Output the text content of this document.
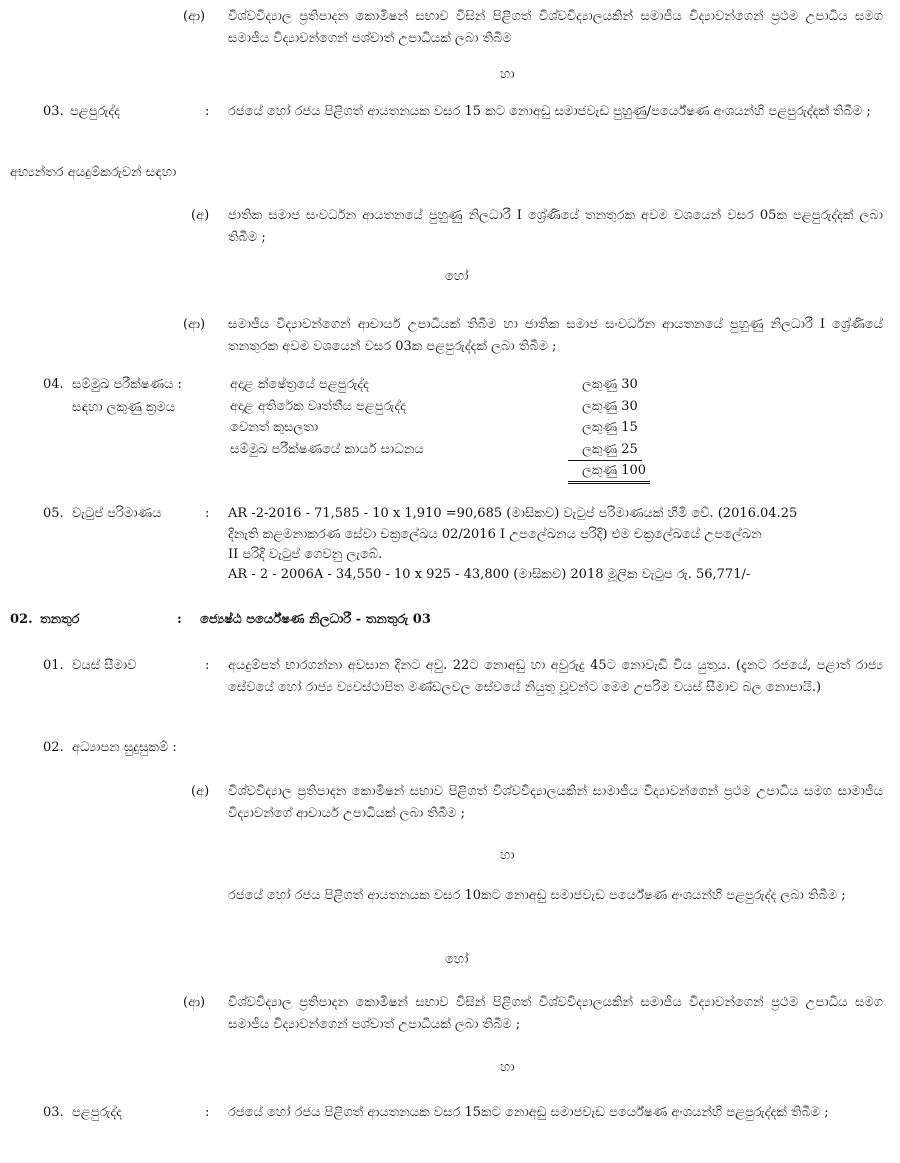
(ආ) විශ්වවිද්‍යාල ප්‍රතිපාදන කොමිෂන් සභාව විසින් පිළිගත් විශ්වවිද්‍යාලයකින් සමාජීය විද්‍යාවන්ගෙන් ප්‍රථම උපාධිය සමග සමාජීය විද්‍යාවන්ගෙන් පශ්චාත් උපාධියක් ලබා තිබීම
හා
03. පළපුරුද්ද	: රජයේ හෝ රජය පිළිගත් ආයතනයක වසර 15 කට නොඅඩු සමාජවැඩ පුහුණු/පර්යේෂණ අංශයන්හි පළපුරුද්දක් තිබීම ;
අභ්‍යන්තර අයදුම්කරුවන් සඳහා
(අ) ජාතික සමාජ සංවර්ධන ආයතනයේ පුහුණු නිලධාරී I ශ්‍රේණියේ තනතුරක අවම වශයෙන් වසර 05ක පළපුරුද්දක් ලබා තිබීම ;
හෝ
(ආ) සමාජීය විද්‍යාවන්ගෙන් ආචාර්ය උපාධියක් තිබීම හා ජාතික සමාජ සංවර්ධන ආයතනයේ පුහුණු නිලධාරී I ශ්‍රේණියේ තනතුරක අවම වශයෙන් වසර 03ක පළපුරුද්දක් ලබා තිබීම ;
04. සම්මුඛ පරීක්ෂණය :
සඳහා ලකුණු ක්‍රමය
අදාළ ක්ෂේත්‍රයේ පළපුරුද්ද	ලකුණු 30
අදාළ අතිරේක වෘත්තීය පළපුරුද්ද	ලකුණු 30
වෙනත් කුසලතා	ලකුණු 15
සම්මුඛ පරීක්ෂණයේ කාර්ය සාධනය	ලකුණු 25
ලකුණු 100
05. වැටුප් පරිමාණය	: AR -2-2016 - 71,585 - 10 x 1,910 =90,685 (මාසිකව) වැටුප් පරිමාණයක් හිමි වේ. (2016.04.25
දිනැති කළමනාකරණ සේවා චක්‍රලේඛය 02/2016 I උපලේඛනය පරිදි) එම චක්‍රලේඛයේ උපලේඛන
II පරිදි වැටුප් ගෙවනු ලැබේ.
AR - 2 - 2006A - 34,550 - 10 x 925 - 43,800 (මාසිකව) 2018 මූලික වැටුප රු. 56,771/-
02. තනතුර	: ජ්‍යෙෂ්ඨ පර්යේෂණ නිලධාරී - තනතුරු 03
01. වයස් සීමාව	: අයදුම්පත් භාරගන්නා අවසාන දිනට අවු. 22ට නොඅඩු හා අවුරුදු 45ට නොවැඩි විය යුතුය. (දැනට රජයේ, පළාත් රාජ්‍ය සේවයේ හෝ රාජ්‍ය ව්‍යවස්ථාපිත මණ්ඩලවල සේවයේ නියුතු වූවන්ට මෙම උපරිම වයස් සීමාව බල නොපායි.)
02. අධ්‍යාපන සුදුසුකම් :
(අ) විශ්වවිද්‍යාල ප්‍රතිපාදන කොමිෂන් සභාව පිළිගත් විශ්වවිද්‍යාලයකින් සාමාජීය විද්‍යාවන්ගෙන් ප්‍රථම උපාධිය සමග සාමාජීය විද්‍යාවන්ගේ ආචාර්ය උපාධියක් ලබා තිබීම ;
හා
රජයේ හෝ රජය පිළිගත් ආයතනයක වසර 10කට නොඅඩු සමාජවැඩ පර්යේෂණ අංශයන්හි පළපුරුද්ද ලබා තිබීම ;
හෝ
(ආ) විශ්වවිද්‍යාල ප්‍රතිපාදන කොමිෂන් සභාව විසින් පිළිගත් විශ්වවිද්‍යාලයකින් සමාජීය විද්‍යාවන්ගෙන් ප්‍රථම උපාධිය සමග සමාජීය විද්‍යාවන්ගෙන් පශ්චාත් උපාධියක් ලබා තිබීම ;
හා
03. පළපුරුද්ද	: රජයේ හෝ රජය පිළිගත් ආයතනයක වසර 15කට නොඅඩු සමාජවැඩ පර්යේෂණ අංශයන්හි පළපුරුද්දක් තිබීම ;
